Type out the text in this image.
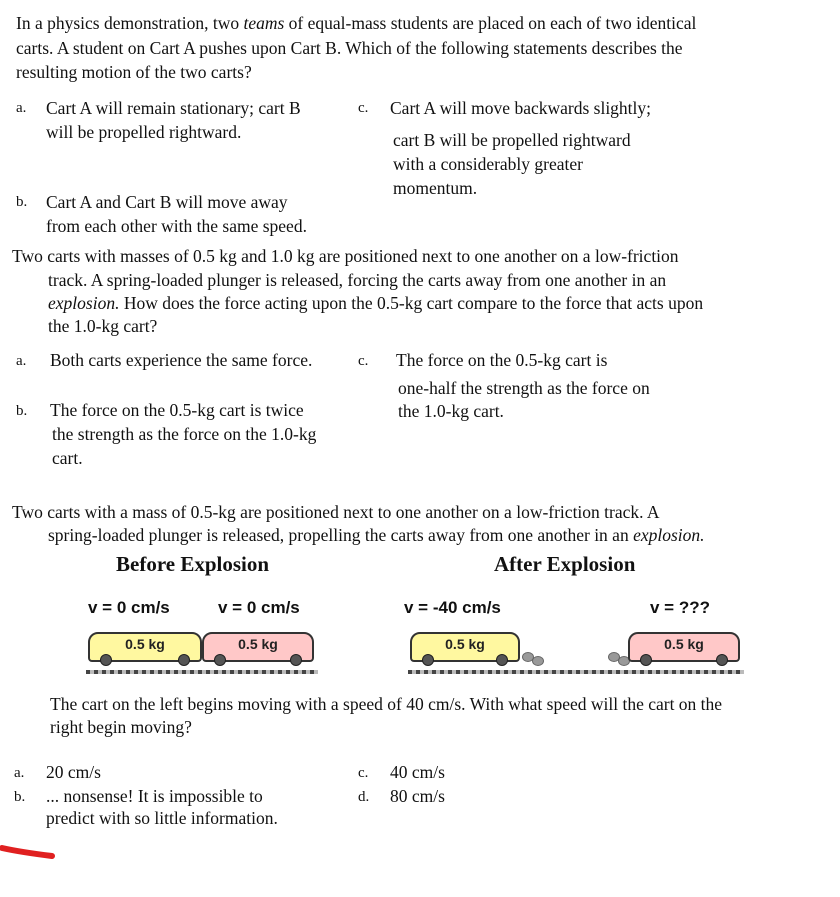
In a physics demonstration, two teams of equal-mass students are placed on each of two identical
carts. A student on Cart A pushes upon Cart B. Which of the following statements describes the
resulting motion of the two carts?
a. Cart A will remain stationary; cart B
will be propelled rightward.
c. Cart A will move backwards slightly;
cart B will be propelled rightward
with a considerably greater
momentum.
b. Cart A and Cart B will move away
from each other with the same speed.
Two carts with masses of 0.5 kg and 1.0 kg are positioned next to one another on a low-friction
track. A spring-loaded plunger is released, forcing the carts away from one another in an
explosion. How does the force acting upon the 0.5-kg cart compare to the force that acts upon
the 1.0-kg cart?
a. Both carts experience the same force.	c. The force on the 0.5-kg cart is
one-half the strength as the force on
the 1.0-kg cart.
b. The force on the 0.5-kg cart is twice
the strength as the force on the 1.0-kg
cart.
Two carts with a mass of 0.5-kg are positioned next to one another on a low-friction track. A
spring-loaded plunger is released, propelling the carts away from one another in an explosion.
Before Explosion	After Explosion
v = 0 cm/s	v = 0 cm/s	v = -40 cm/s	v = ???
0.5 kg	0.5 kg	0.5 kg	0.5 kg
The cart on the left begins moving with a speed of 40 cm/s. With what speed will the cart on the
right begin moving?
a. 20 cm/s
b. ... nonsense! It is impossible to
predict with so little information.
c. 40 cm/s
d. 80 cm/s
